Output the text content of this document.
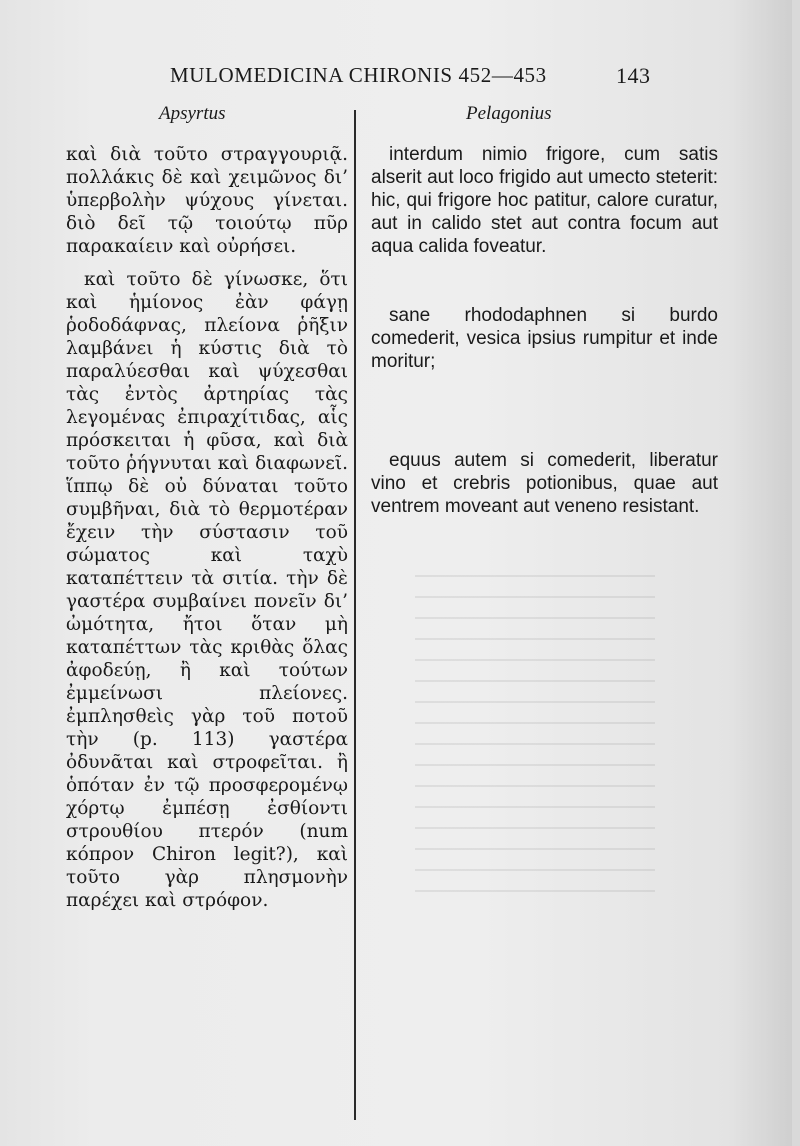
MULOMEDICINA CHIRONIS 452—453	143
Apsyrtus	Pelagonius
καὶ διὰ τοῦτο στραγγουριᾷ. πολλάκις δὲ καὶ χειμῶνος δι’ ὑπερβολὴν ψύχους γίνεται. διὸ δεῖ τῷ τοιούτῳ πῦρ παρακαίειν καὶ οὐρήσει.
καὶ τοῦτο δὲ γίνωσκε, ὅτι καὶ ἡμίονος ἐὰν φάγῃ ῥοδοδάφνας, πλείονα ῥῆξιν λαμβάνει ἡ κύστις διὰ τὸ παραλύεσθαι καὶ ψύχεσθαι τὰς ἐντὸς ἀρτηρίας τὰς λεγομένας ἐπιραχίτιδας, αἷς πρόσκειται ἡ φῦσα, καὶ διὰ τοῦτο ῥήγνυται καὶ διαφωνεῖ. ἵππῳ δὲ οὐ δύναται τοῦτο συμβῆναι, διὰ τὸ θερμοτέραν ἔχειν τὴν σύστασιν τοῦ σώματος καὶ ταχὺ καταπέττειν τὰ σιτία. τὴν δὲ γαστέρα συμβαίνει πονεῖν δι’ ὠμότητα, ἤτοι ὅταν μὴ καταπέττων τὰς κριθὰς ὅλας ἀφοδεύῃ, ἢ καὶ τούτων ἐμμείνωσι πλείονες. ἐμπλησθεὶς γὰρ τοῦ ποτοῦ τὴν (p. 113) γαστέρα ὀδυνᾶται καὶ στροφεῖται. ἢ ὁπόταν ἐν τῷ προσφερομένῳ χόρτῳ ἐμπέσῃ ἐσθίοντι στρουθίου πτερόν (num κόπρον Chiron legit?), καὶ τοῦτο γὰρ πλησμονὴν παρέχει καὶ στρόφον.
interdum nimio frigore, cum satis alserit aut loco frigido aut umecto steterit: hic, qui frigore hoc patitur, calore curatur, aut in calido stet aut contra focum aut aqua calida foveatur.
sane rhododaphnen si burdo comederit, vesica ipsius rumpitur et inde moritur;
equus autem si comederit, liberatur vino et crebris potionibus, quae aut ventrem moveant aut veneno resistant.
